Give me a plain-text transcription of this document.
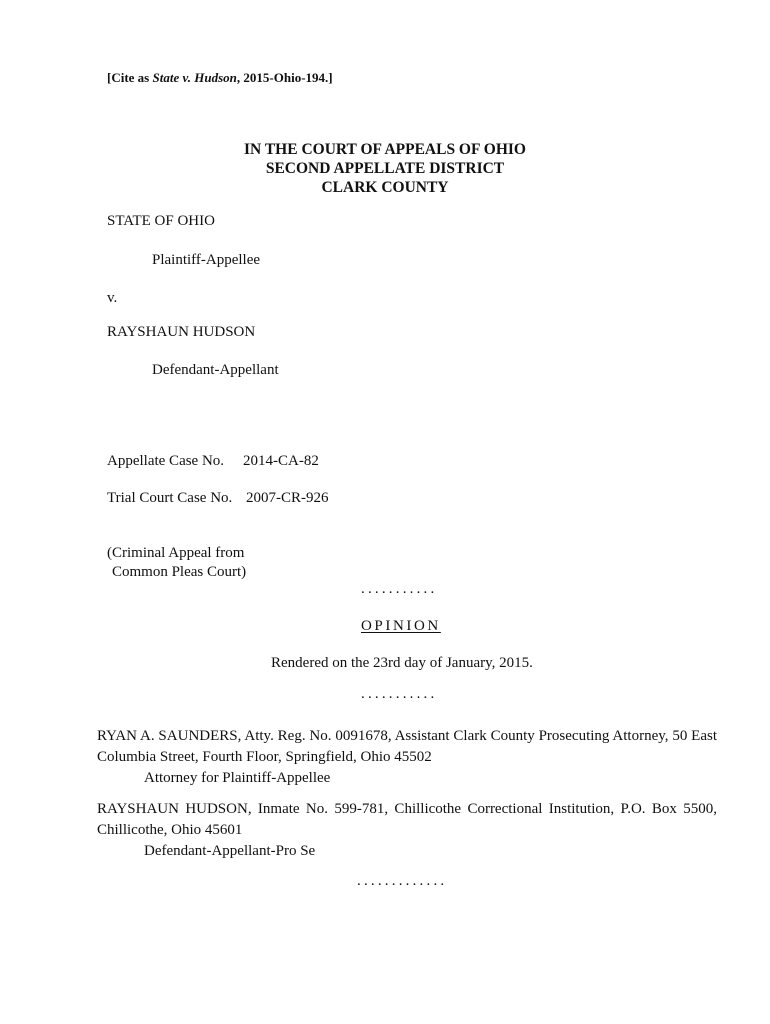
[Cite as State v. Hudson, 2015-Ohio-194.]
IN THE COURT OF APPEALS OF OHIO
SECOND APPELLATE DISTRICT
CLARK COUNTY
STATE OF OHIO
Plaintiff-Appellee
v.
RAYSHAUN HUDSON
Defendant-Appellant
Appellate Case No. 2014-CA-82
Trial Court Case No. 2007-CR-926
(Criminal Appeal from
Common Pleas Court)
...........
OPINION
Rendered on the 23rd day of January, 2015.
...........
RYAN A. SAUNDERS, Atty. Reg. No. 0091678, Assistant Clark County Prosecuting Attorney, 50 East Columbia Street, Fourth Floor, Springfield, Ohio 45502
Attorney for Plaintiff-Appellee
RAYSHAUN HUDSON, Inmate No. 599-781, Chillicothe Correctional Institution, P.O. Box 5500, Chillicothe, Ohio 45601
Defendant-Appellant-Pro Se
.............
